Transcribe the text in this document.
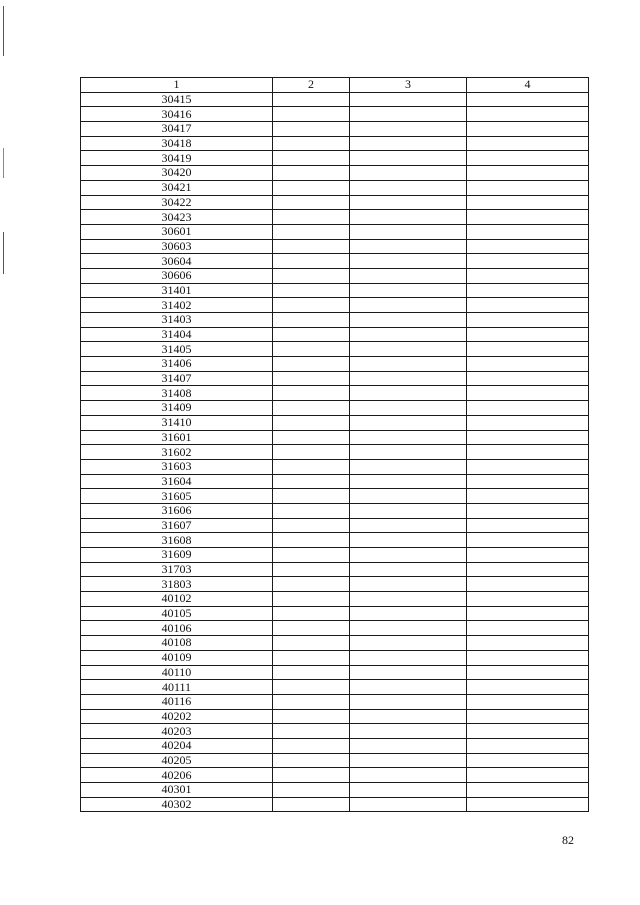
1	2	3	4
30415			
30416			
30417			
30418			
30419			
30420			
30421			
30422			
30423			
30601			
30603			
30604			
30606			
31401			
31402			
31403			
31404			
31405			
31406			
31407			
31408			
31409			
31410			
31601			
31602			
31603			
31604			
31605			
31606			
31607			
31608			
31609			
31703			
31803			
40102			
40105			
40106			
40108			
40109			
40110			
40111			
40116			
40202			
40203			
40204			
40205			
40206			
40301			
40302			
82
